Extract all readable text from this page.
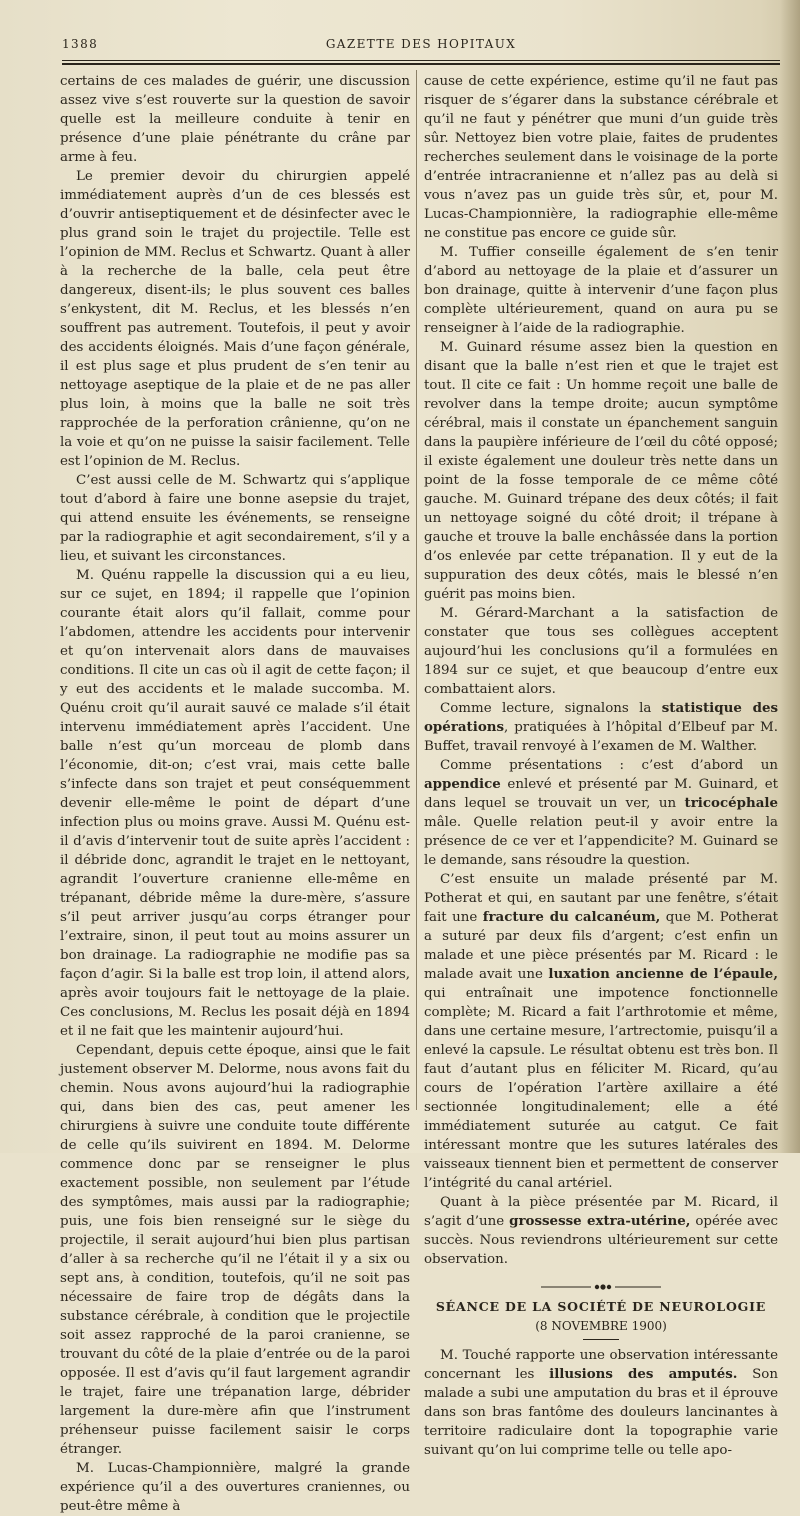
1388	GAZETTE DES HOPITAUX

certains de ces malades de guérir, une discussion assez vive s’est rouverte sur la question de savoir quelle est la meilleure conduite à tenir en présence d’une plaie pénétrante du crâne par arme à feu.

Le premier devoir du chirurgien appelé immédiatement auprès d’un de ces blessés est d’ouvrir antiseptiquement et de désinfecter avec le plus grand soin le trajet du projectile. Telle est l’opinion de MM. Reclus et Schwartz. Quant à aller à la recherche de la balle, cela peut être dangereux, disent-ils; le plus souvent ces balles s’enkystent, dit M. Reclus, et les blessés n’en souffrent pas autrement. Toutefois, il peut y avoir des accidents éloignés. Mais d’une façon générale, il est plus sage et plus prudent de s’en tenir au nettoyage aseptique de la plaie et de ne pas aller plus loin, à moins que la balle ne soit très rapprochée de la perforation crânienne, qu’on ne la voie et qu’on ne puisse la saisir facilement. Telle est l’opinion de M. Reclus.

C’est aussi celle de M. Schwartz qui s’applique tout d’abord à faire une bonne asepsie du trajet, qui attend ensuite les événements, se renseigne par la radiographie et agit secondairement, s’il y a lieu, et suivant les circonstances.

M. Quénu rappelle la discussion qui a eu lieu, sur ce sujet, en 1894; il rappelle que l’opinion courante était alors qu’il fallait, comme pour l’abdomen, attendre les accidents pour intervenir et qu’on intervenait alors dans de mauvaises conditions. Il cite un cas où il agit de cette façon; il y eut des accidents et le malade succomba. M. Quénu croit qu’il aurait sauvé ce malade s’il était intervenu immédiatement après l’accident. Une balle n’est qu’un morceau de plomb dans l’économie, dit-on; c’est vrai, mais cette balle s’infecte dans son trajet et peut conséquemment devenir elle-même le point de départ d’une infection plus ou moins grave. Aussi M. Quénu est-il d’avis d’intervenir tout de suite après l’accident : il débride donc, agrandit le trajet en le nettoyant, agrandit l’ouverture cranienne elle-même en trépanant, débride même la dure-mère, s’assure s’il peut arriver jusqu’au corps étranger pour l’extraire, sinon, il peut tout au moins assurer un bon drainage. La radiographie ne modifie pas sa façon d’agir. Si la balle est trop loin, il attend alors, après avoir toujours fait le nettoyage de la plaie. Ces conclusions, M. Reclus les posait déjà en 1894 et il ne fait que les maintenir aujourd’hui.

Cependant, depuis cette époque, ainsi que le fait justement observer M. Delorme, nous avons fait du chemin. Nous avons aujourd’hui la radiographie qui, dans bien des cas, peut amener les chirurgiens à suivre une conduite toute différente de celle qu’ils suivirent en 1894. M. Delorme commence donc par se renseigner le plus exactement possible, non seulement par l’étude des symptômes, mais aussi par la radiographie; puis, une fois bien renseigné sur le siège du projectile, il serait aujourd’hui bien plus partisan d’aller à sa recherche qu’il ne l’était il y a six ou sept ans, à condition, toutefois, qu’il ne soit pas nécessaire de faire trop de dégâts dans la substance cérébrale, à condition que le projectile soit assez rapproché de la paroi cranienne, se trouvant du côté de la plaie d’entrée ou de la paroi opposée. Il est d’avis qu’il faut largement agrandir le trajet, faire une trépanation large, débrider largement la dure-mère afin que l’instrument préhenseur puisse facilement saisir le corps étranger.

M. Lucas-Championnière, malgré la grande expérience qu’il a des ouvertures craniennes, ou peut-être même à

cause de cette expérience, estime qu’il ne faut pas risquer de s’égarer dans la substance cérébrale et qu’il ne faut y pénétrer que muni d’un guide très sûr. Nettoyez bien votre plaie, faites de prudentes recherches seulement dans le voisinage de la porte d’entrée intracranienne et n’allez pas au delà si vous n’avez pas un guide très sûr, et, pour M. Lucas-Championnière, la radiographie elle-même ne constitue pas encore ce guide sûr.

M. Tuffier conseille également de s’en tenir d’abord au nettoyage de la plaie et d’assurer un bon drainage, quitte à intervenir d’une façon plus complète ultérieurement, quand on aura pu se renseigner à l’aide de la radiographie.

M. Guinard résume assez bien la question en disant que la balle n’est rien et que le trajet est tout. Il cite ce fait : Un homme reçoit une balle de revolver dans la tempe droite; aucun symptôme cérébral, mais il constate un épanchement sanguin dans la paupière inférieure de l’œil du côté opposé; il existe également une douleur très nette dans un point de la fosse temporale de ce même côté gauche. M. Guinard trépane des deux côtés; il fait un nettoyage soigné du côté droit; il trépane à gauche et trouve la balle enchâssée dans la portion d’os enlevée par cette trépanation. Il y eut de la suppuration des deux côtés, mais le blessé n’en guérit pas moins bien.

M. Gérard-Marchant a la satisfaction de constater que tous ses collègues acceptent aujourd’hui les conclusions qu’il a formulées en 1894 sur ce sujet, et que beaucoup d’entre eux combattaient alors.

Comme lecture, signalons la statistique des opérations, pratiquées à l’hôpital d’Elbeuf par M. Buffet, travail renvoyé à l’examen de M. Walther.

Comme présentations : c’est d’abord un appendice enlevé et présenté par M. Guinard, et dans lequel se trouvait un ver, un tricocéphale mâle. Quelle relation peut-il y avoir entre la présence de ce ver et l’appendicite? M. Guinard se le demande, sans résoudre la question.

C’est ensuite un malade présenté par M. Potherat et qui, en sautant par une fenêtre, s’était fait une fracture du calcanéum, que M. Potherat a suturé par deux fils d’argent; c’est enfin un malade et une pièce présentés par M. Ricard : le malade avait une luxation ancienne de l’épaule, qui entraînait une impotence fonctionnelle complète; M. Ricard a fait l’arthrotomie et même, dans une certaine mesure, l’artrectomie, puisqu’il a enlevé la capsule. Le résultat obtenu est très bon. Il faut d’autant plus en féliciter M. Ricard, qu’au cours de l’opération l’artère axillaire a été sectionnée longitudinalement; elle a été immédiatement suturée au catgut. Ce fait intéressant montre que les sutures latérales des vaisseaux tiennent bien et permettent de conserver l’intégrité du canal artériel.

Quant à la pièce présentée par M. Ricard, il s’agit d’une grossesse extra-utérine, opérée avec succès. Nous reviendrons ultérieurement sur cette observation.

SÉANCE DE LA SOCIÉTÉ DE NEUROLOGIE
(8 NOVEMBRE 1900)

M. Touché rapporte une observation intéressante concernant les illusions des amputés. Son malade a subi une amputation du bras et il éprouve dans son bras fantôme des douleurs lancinantes à territoire radiculaire dont la topographie varie suivant qu’on lui comprime telle ou telle apo-
